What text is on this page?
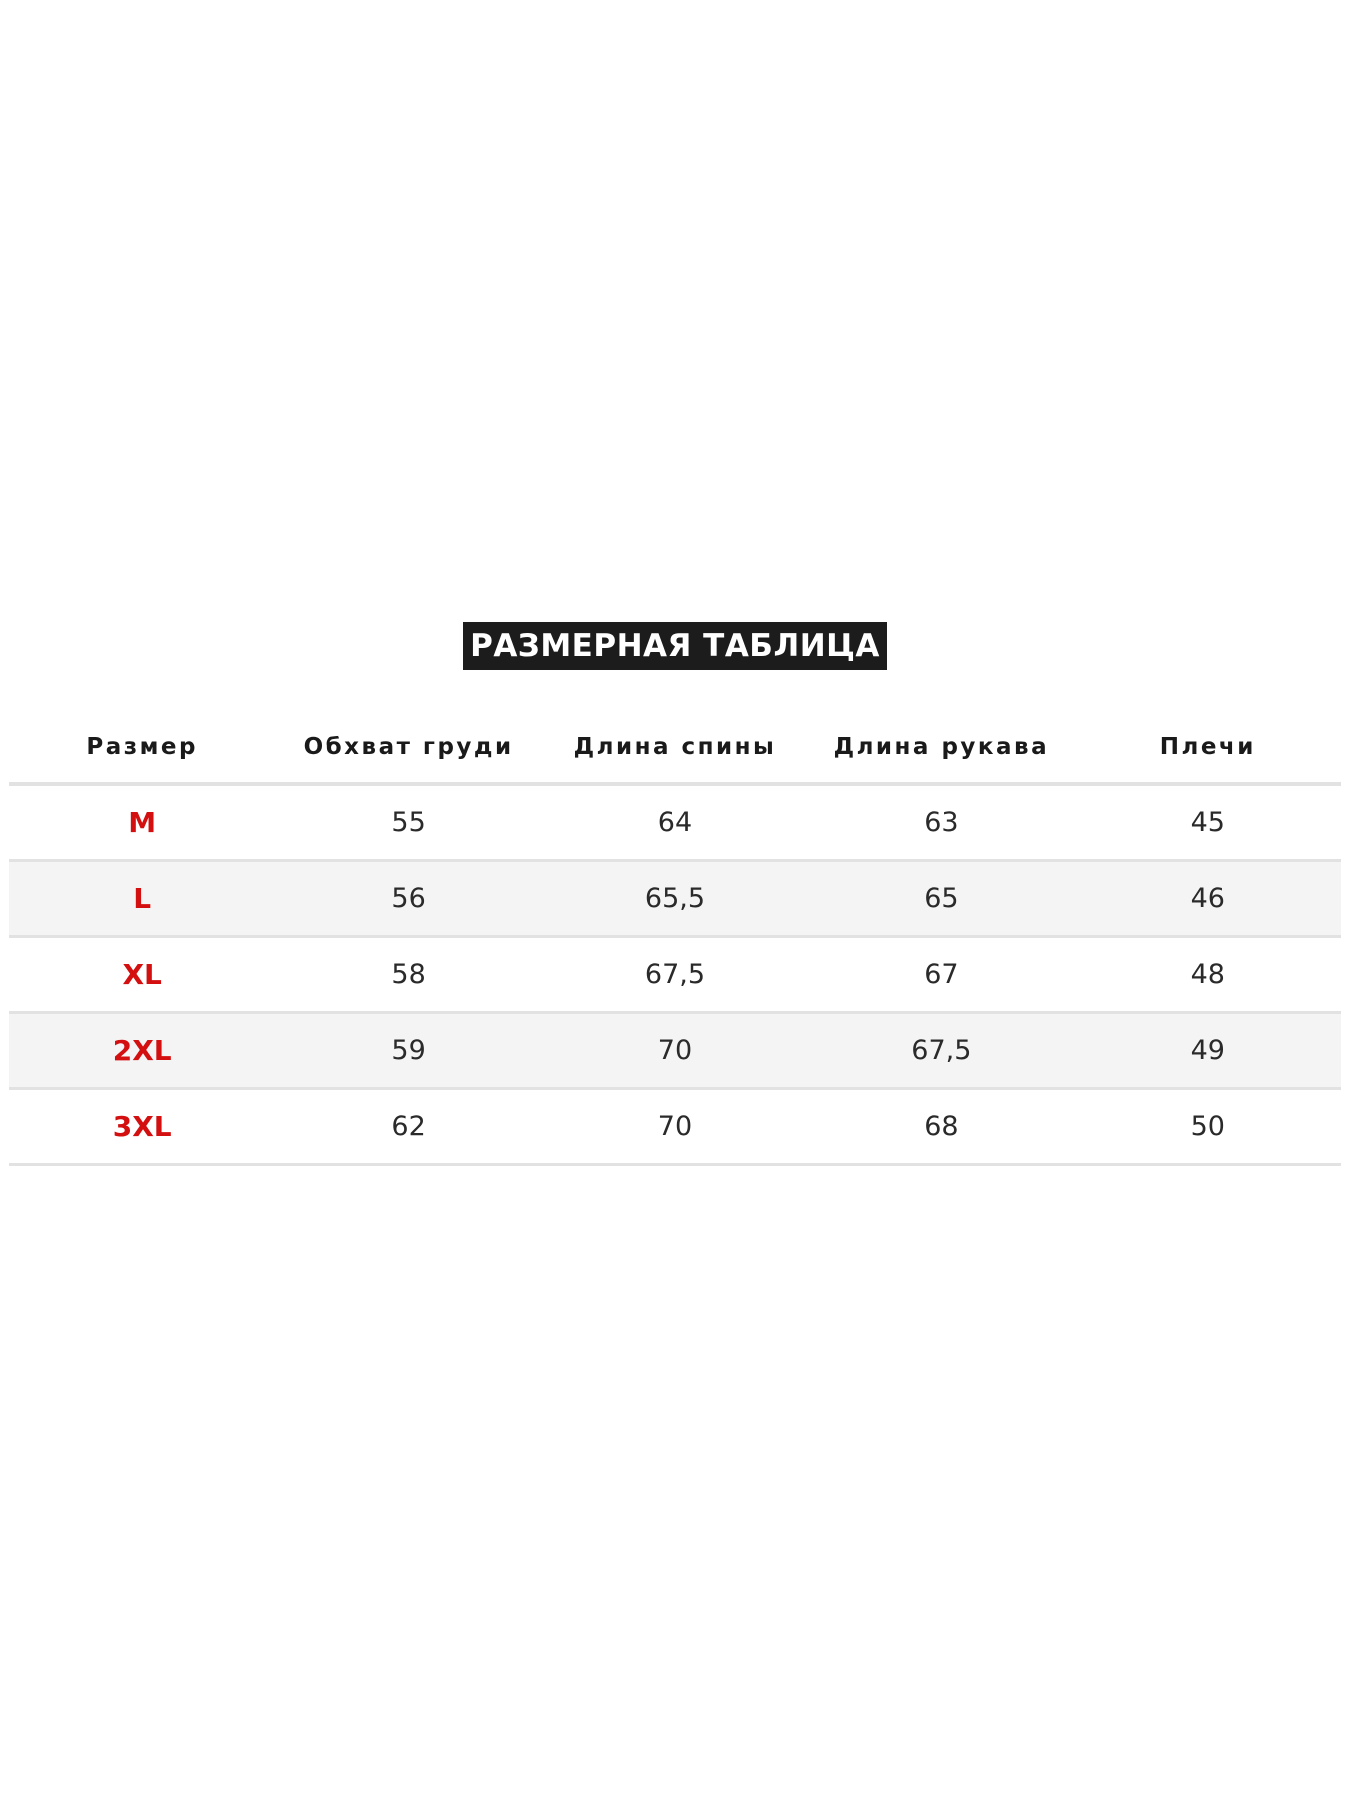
РАЗМЕРНАЯ ТАБЛИЦА
Размер	Обхват груди	Длина спины	Длина рукава	Плечи
M	55	64	63	45
L	56	65,5	65	46
XL	58	67,5	67	48
2XL	59	70	67,5	49
3XL	62	70	68	50
